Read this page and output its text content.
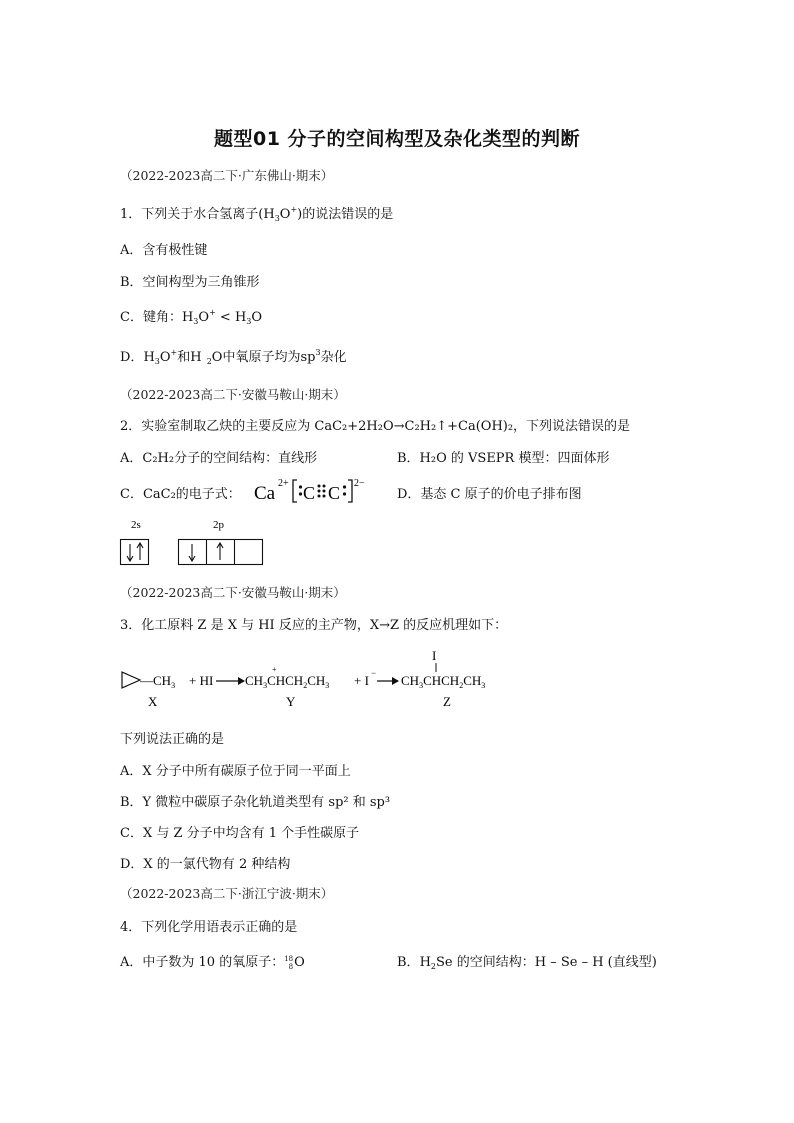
题型01 分子的空间构型及杂化类型的判断
（2022-2023高二下·广东佛山·期末）
1．下列关于水合氢离子$(H_3O^+)$的说法错误的是
A．含有极性键
B．空间构型为三角锥形
C．键角：$H_3O^+ < H_3O$
D．$H_3O^+$和H $_2$O中氧原子均为$sp^3$杂化
（2022-2023高二下·安徽马鞍山·期末）
2．实验室制取乙炔的主要反应为 CaC₂+2H₂O→C₂H₂↑+Ca(OH)₂，下列说法错误的是
A．C₂H₂分子的空间结构：直线形	B．H₂O 的 VSEPR 模型：四面体形
C．CaC₂的电子式： Ca 2+ C C 2−
D．基态 C 原子的价电子排布图
2s	2p
（2022-2023高二下·安徽马鞍山·期末）
3．化工原料 Z 是 X 与 HI 反应的主产物，X→Z 的反应机理如下：
$—CH_3$
X
+ HI
+
$CH_3CHCH_2CH_3$
Y
+ I −
I
$CH_3CHCH_2CH_3$
Z
下列说法正确的是
A．X 分子中所有碳原子位于同一平面上
B．Y 微粒中碳原子杂化轨道类型有 sp² 和 sp³
C．X 与 Z 分子中均含有 1 个手性碳原子
D．X 的一氯代物有 2 种结构
（2022-2023高二下·浙江宁波·期末）
4．下列化学用语表示正确的是
A．中子数为 10 的氧原子：18
8O	B．$H_2Se$ 的空间结构：H – Se – H (直线型)
